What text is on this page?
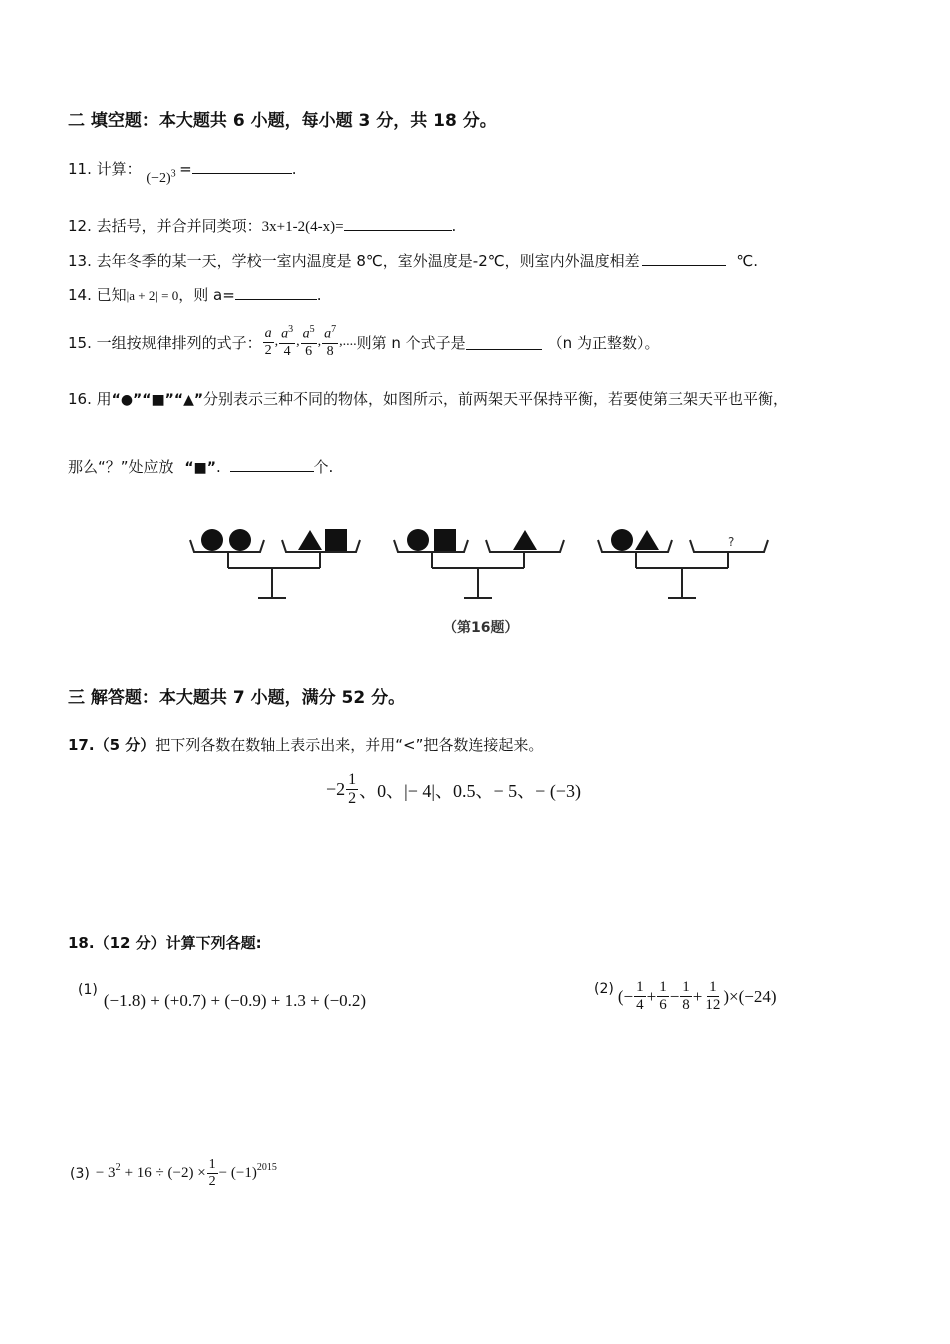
二 填空题：本大题共 6 小题，每小题 3 分，共 18 分。
11. 计算： $(-2)^3$ =	.
12. 去括号，并合并同类项：3x+1-2(4-x)=	.
13. 去年冬季的某一天，学校一室内温度是 8℃，室外温度是-2℃，则室内外温度相差	℃.
14. 已知|a + 2| = 0，则 a=	.
15. 一组按规律排列的式子： $\frac{a}{2}$ , $\frac{a^3}{4}$ , $\frac{a^5}{6}$ , $\frac{a^7}{8}$ ,.... 则第 n 个式子是	（n 为正整数）。
16. 用“●”“■”“▲”分别表示三种不同的物体，如图所示，前两架天平保持平衡，若要使第三架天平也平衡，
那么“？”处应放 “■”.	个.
?
（第16题）
三 解答题：本大题共 7 小题，满分 52 分。
17.（5 分）把下列各数在数轴上表示出来，并用“<”把各数连接起来。
$-2 \frac{1}{2}$ 、0、|− 4|、0.5、− 5、− (−3)
18.（12 分）计算下列各题:
(1)
(−1.8) + (+0.7) + (−0.9) + 1.3 + (−0.2)
(2) (− $\frac{1}{4} + \frac{1}{6} - \frac{1}{8} + \frac{1}{12} )\times(-24)$
(3) − 3 $2 + 16 \div (-2) \times \frac{1}{2} - (-1)$ 2015
